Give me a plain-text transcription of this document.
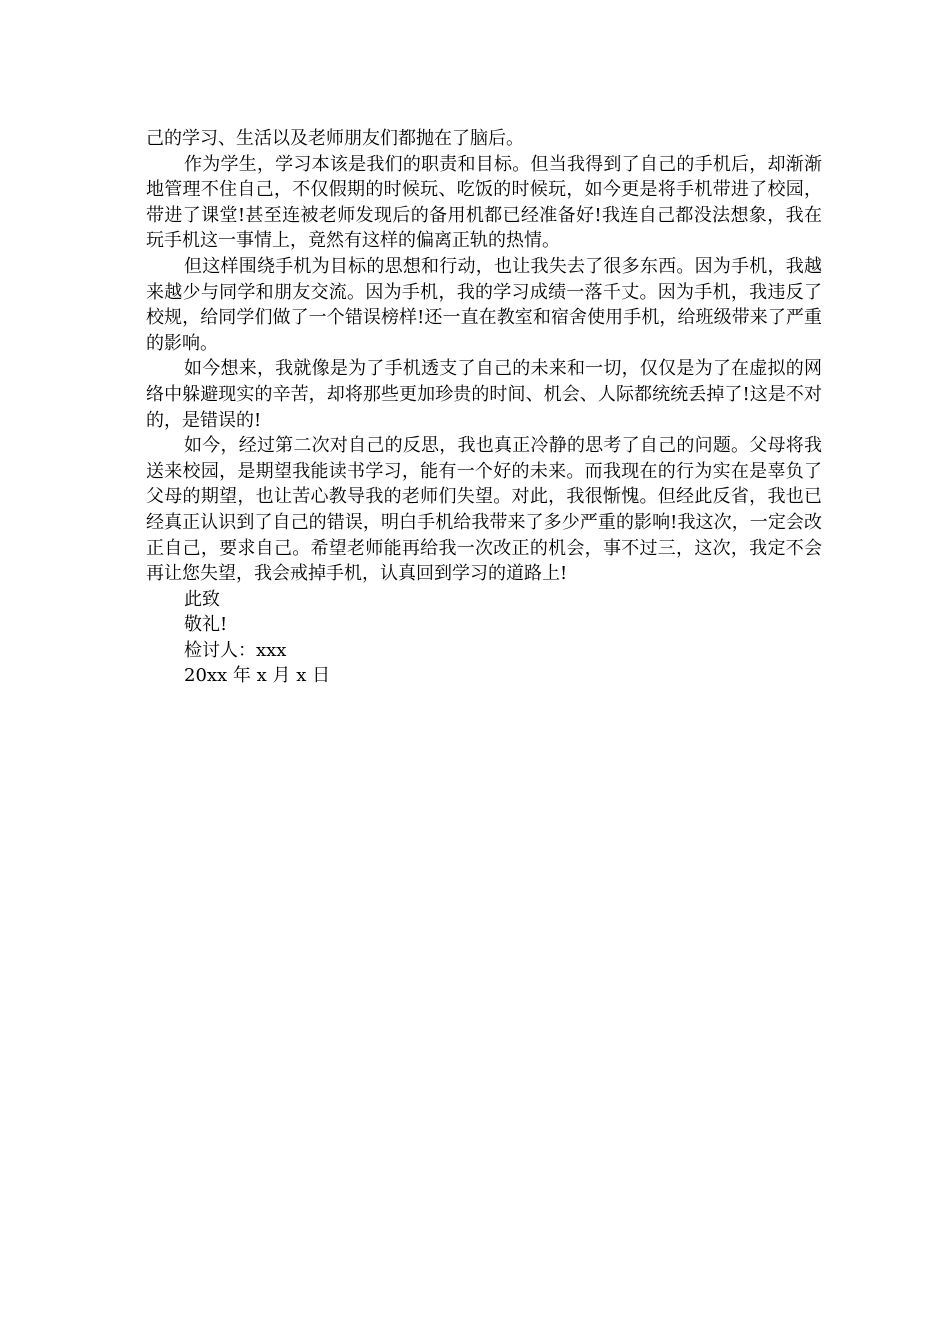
己的学习、生活以及老师朋友们都抛在了脑后。

作为学生，学习本该是我们的职责和目标。但当我得到了自己的手机后，却渐渐地管理不住自己，不仅假期的时候玩、吃饭的时候玩，如今更是将手机带进了校园，带进了课堂!甚至连被老师发现后的备用机都已经准备好!我连自己都没法想象，我在玩手机这一事情上，竟然有这样的偏离正轨的热情。

但这样围绕手机为目标的思想和行动，也让我失去了很多东西。因为手机，我越来越少与同学和朋友交流。因为手机，我的学习成绩一落千丈。因为手机，我违反了校规，给同学们做了一个错误榜样!还一直在教室和宿舍使用手机，给班级带来了严重的影响。

如今想来，我就像是为了手机透支了自己的未来和一切，仅仅是为了在虚拟的网络中躲避现实的辛苦，却将那些更加珍贵的时间、机会、人际都统统丢掉了!这是不对的，是错误的!

如今，经过第二次对自己的反思，我也真正冷静的思考了自己的问题。父母将我送来校园，是期望我能读书学习，能有一个好的未来。而我现在的行为实在是辜负了父母的期望，也让苦心教导我的老师们失望。对此，我很惭愧。但经此反省，我也已经真正认识到了自己的错误，明白手机给我带来了多少严重的影响!我这次，一定会改正自己，要求自己。希望老师能再给我一次改正的机会，事不过三，这次，我定不会再让您失望，我会戒掉手机，认真回到学习的道路上!

此致

敬礼!

检讨人：xxx

20xx 年 x 月 x 日
